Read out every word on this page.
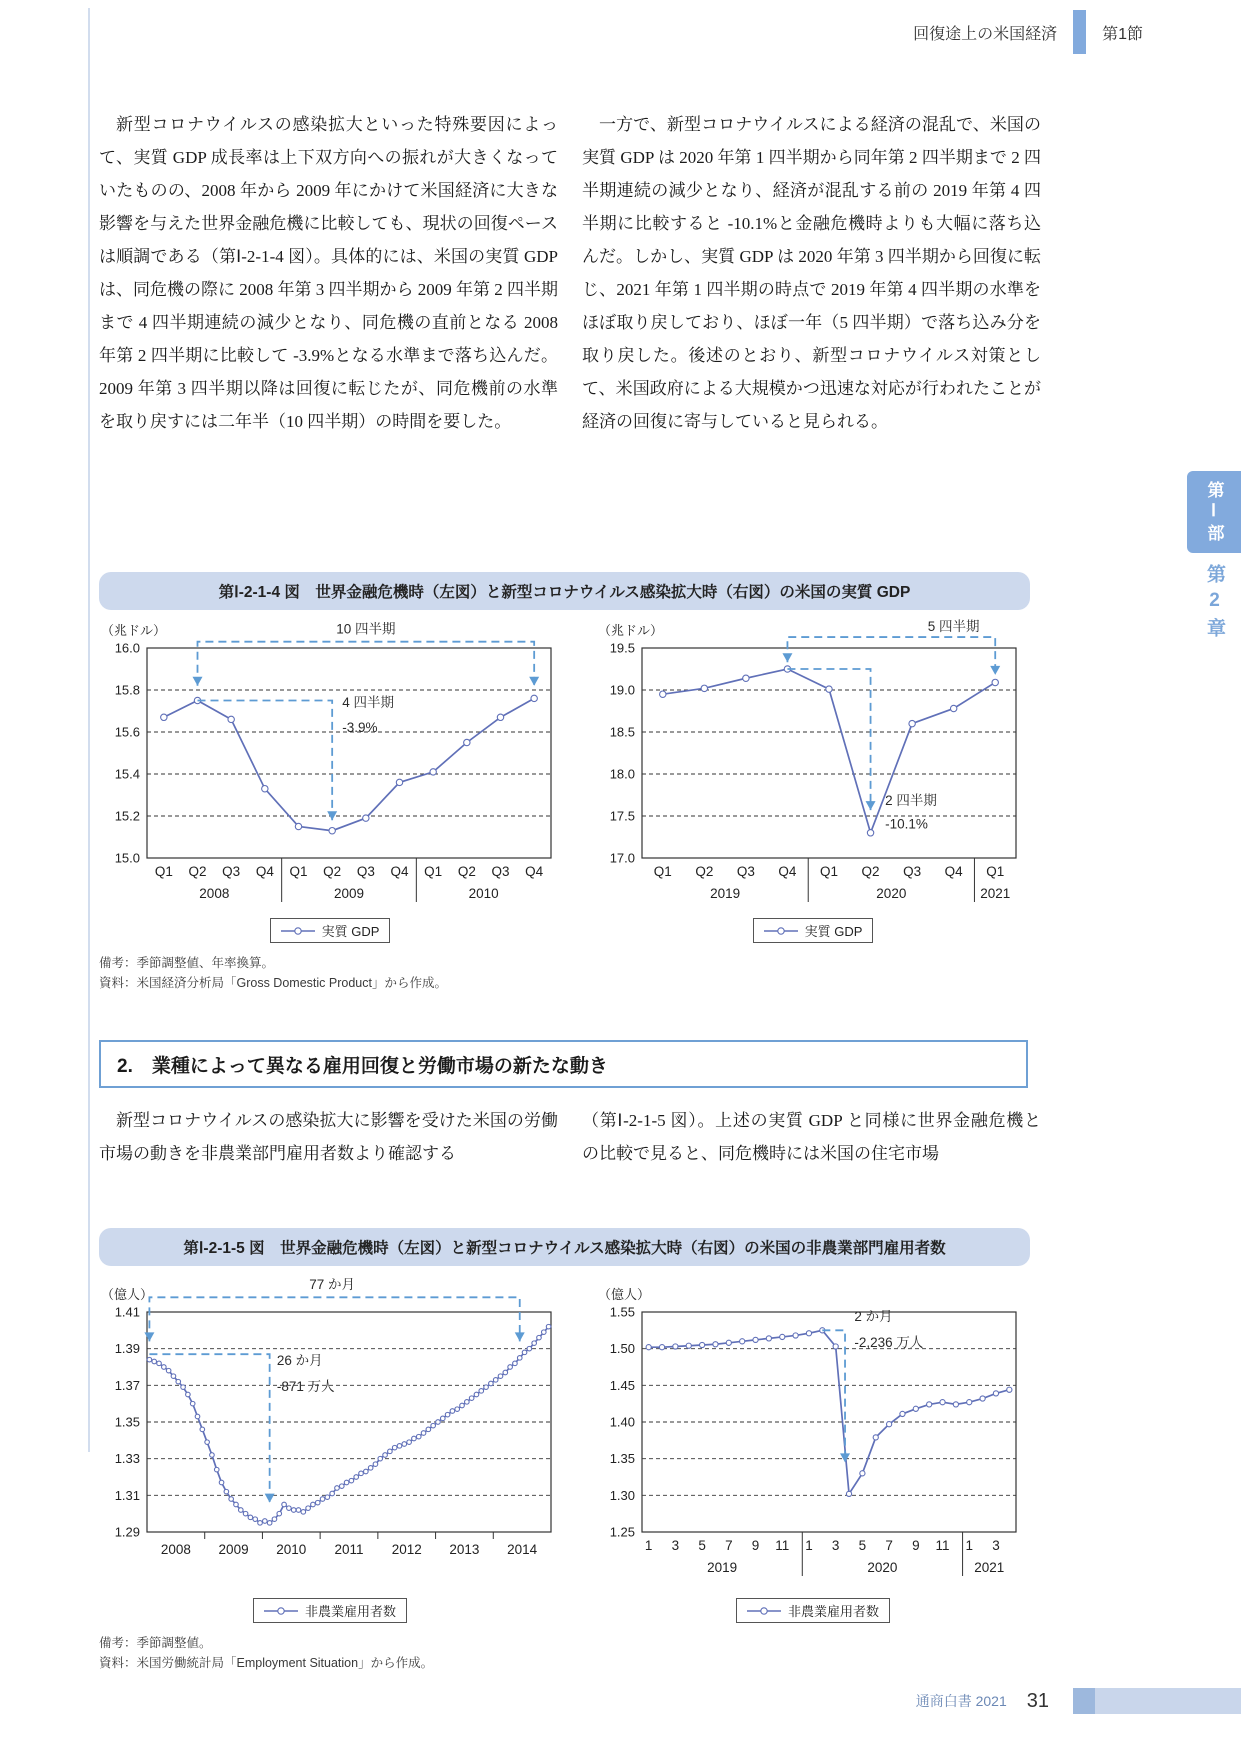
回復途上の米国経済	第1節
第Ⅰ部
第2章
新型コロナウイルスの感染拡大といった特殊要因によって、実質 GDP 成長率は上下双方向への振れが大きくなっていたものの、2008 年から 2009 年にかけて米国経済に大きな影響を与えた世界金融危機に比較しても、現状の回復ペースは順調である（第Ⅰ-2-1-4 図）。具体的には、米国の実質 GDP は、同危機の際に 2008 年第 3 四半期から 2009 年第 2 四半期まで 4 四半期連続の減少となり、同危機の直前となる 2008 年第 2 四半期に比較して -3.9%となる水準まで落ち込んだ。2009 年第 3 四半期以降は回復に転じたが、同危機前の水準を取り戻すには二年半（10 四半期）の時間を要した。
一方で、新型コロナウイルスによる経済の混乱で、米国の実質 GDP は 2020 年第 1 四半期から同年第 2 四半期まで 2 四半期連続の減少となり、経済が混乱する前の 2019 年第 4 四半期に比較すると -10.1%と金融危機時よりも大幅に落ち込んだ。しかし、実質 GDP は 2020 年第 3 四半期から回復に転じ、2021 年第 1 四半期の時点で 2019 年第 4 四半期の水準をほぼ取り戻しており、ほぼ一年（5 四半期）で落ち込み分を取り戻した。後述のとおり、新型コロナウイルス対策として、米国政府による大規模かつ迅速な対応が行われたことが経済の回復に寄与していると見られる。
第Ⅰ-2-1-4 図　世界金融危機時（左図）と新型コロナウイルス感染拡大時（右図）の米国の実質 GDP
15.0
15.2
15.4
15.6
15.8
16.0
（兆ドル）
Q1 Q2 Q3 Q4
2008
Q1 Q2 Q3 Q4
2009
Q1 Q2 Q3 Q4
2010
10 四半期
4 四半期
-3.9%
実質 GDP
17.0
17.5
18.0
18.5
19.0
19.5
（兆ドル）
Q1 Q2 Q3 Q4
2019
Q1 Q2 Q3 Q4
2020
Q1
2021
5 四半期
2 四半期
-10.1%
実質 GDP
備考：季節調整値、年率換算。
資料：米国経済分析局「Gross Domestic Product」から作成。
2.　業種によって異なる雇用回復と労働市場の新たな動き
新型コロナウイルスの感染拡大に影響を受けた米国の労働市場の動きを非農業部門雇用者数より確認する
（第Ⅰ-2-1-5 図）。上述の実質 GDP と同様に世界金融危機との比較で見ると、同危機時には米国の住宅市場
第Ⅰ-2-1-5 図　世界金融危機時（左図）と新型コロナウイルス感染拡大時（右図）の米国の非農業部門雇用者数
1.29
1.31
1.33
1.35
1.37
1.39
1.41
（億人）
2008 2009 2010 2011 2012 2013 2014
77 か月
26 か月
-871 万人
非農業雇用者数
1.25
1.30
1.35
1.40
1.45
1.50
1.55
（億人）
1 3 5 7 9 11
2019
1 3 5 7 9 11
2020
1 3
2021
2 か月
-2,236 万人
非農業雇用者数
備考：季節調整値。
資料：米国労働統計局「Employment Situation」から作成。
通商白書 2021 31
